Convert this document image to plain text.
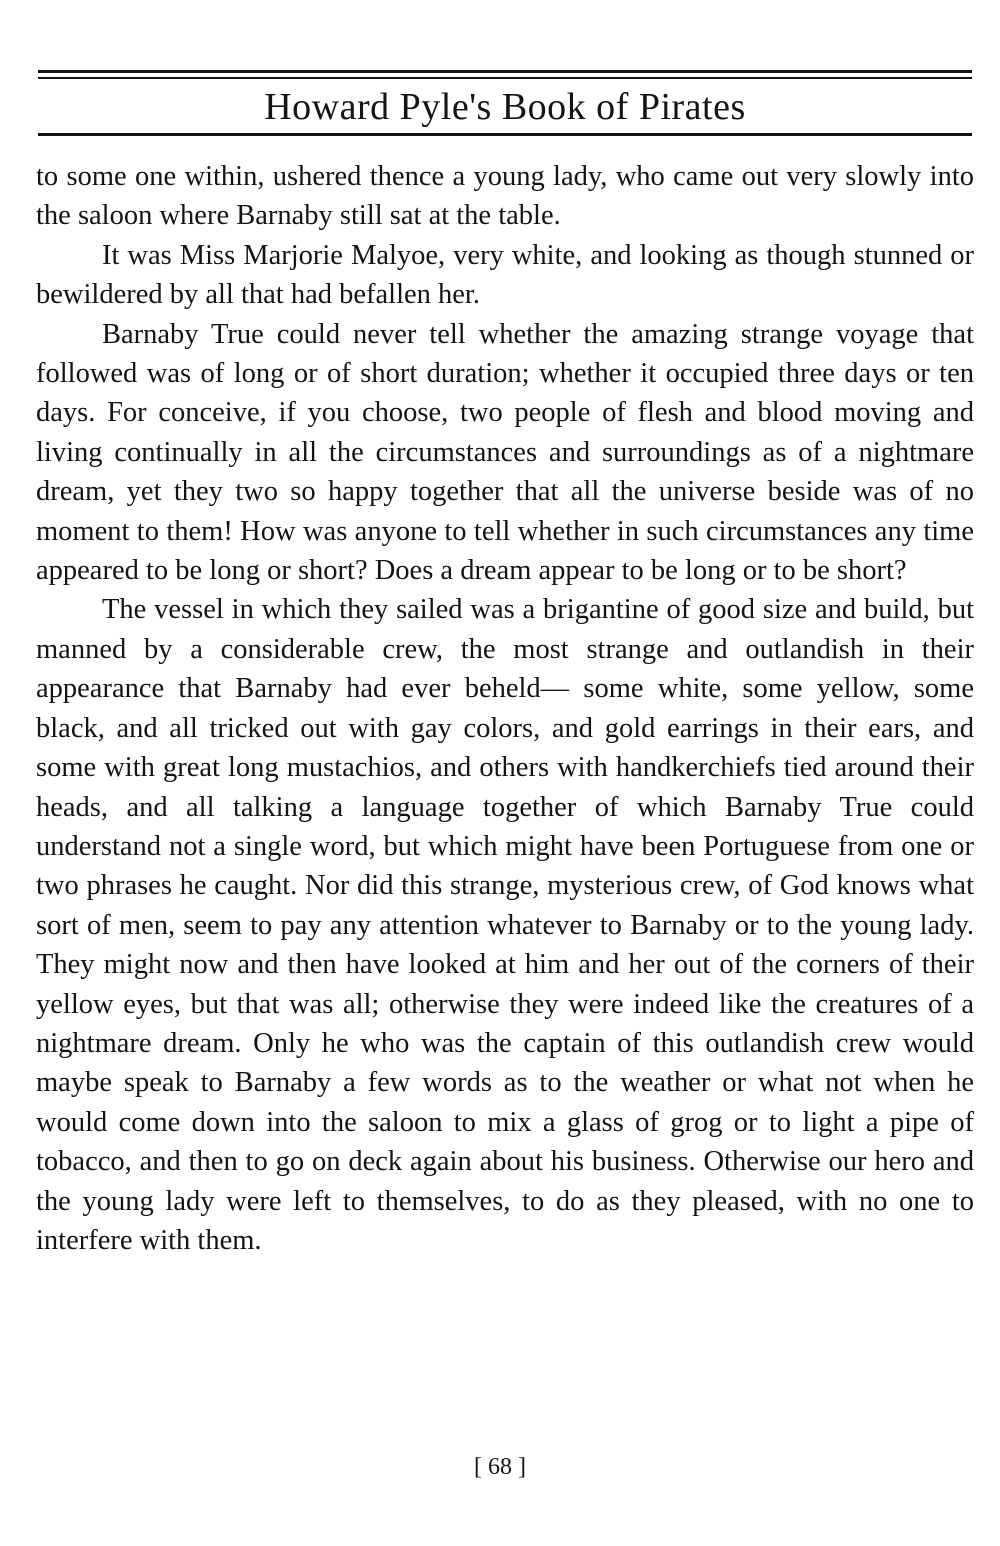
Howard Pyle's Book of Pirates

to some one within, ushered thence a young lady, who came out very slowly into the saloon where Barnaby still sat at the table.

It was Miss Marjorie Malyoe, very white, and looking as though stunned or bewildered by all that had befallen her.

Barnaby True could never tell whether the amazing strange voyage that followed was of long or of short duration; whether it occupied three days or ten days. For conceive, if you choose, two people of flesh and blood moving and living continually in all the circumstances and surroundings as of a nightmare dream, yet they two so happy together that all the universe beside was of no moment to them! How was anyone to tell whether in such circumstances any time appeared to be long or short? Does a dream appear to be long or to be short?

The vessel in which they sailed was a brigantine of good size and build, but manned by a considerable crew, the most strange and outlandish in their appearance that Barnaby had ever beheld— some white, some yellow, some black, and all tricked out with gay colors, and gold earrings in their ears, and some with great long mustachios, and others with handkerchiefs tied around their heads, and all talking a language together of which Barnaby True could understand not a single word, but which might have been Portuguese from one or two phrases he caught. Nor did this strange, mysterious crew, of God knows what sort of men, seem to pay any attention whatever to Barnaby or to the young lady. They might now and then have looked at him and her out of the corners of their yellow eyes, but that was all; otherwise they were indeed like the creatures of a nightmare dream. Only he who was the captain of this outlandish crew would maybe speak to Barnaby a few words as to the weather or what not when he would come down into the saloon to mix a glass of grog or to light a pipe of tobacco, and then to go on deck again about his business. Otherwise our hero and the young lady were left to themselves, to do as they pleased, with no one to interfere with them.

[ 68 ]
